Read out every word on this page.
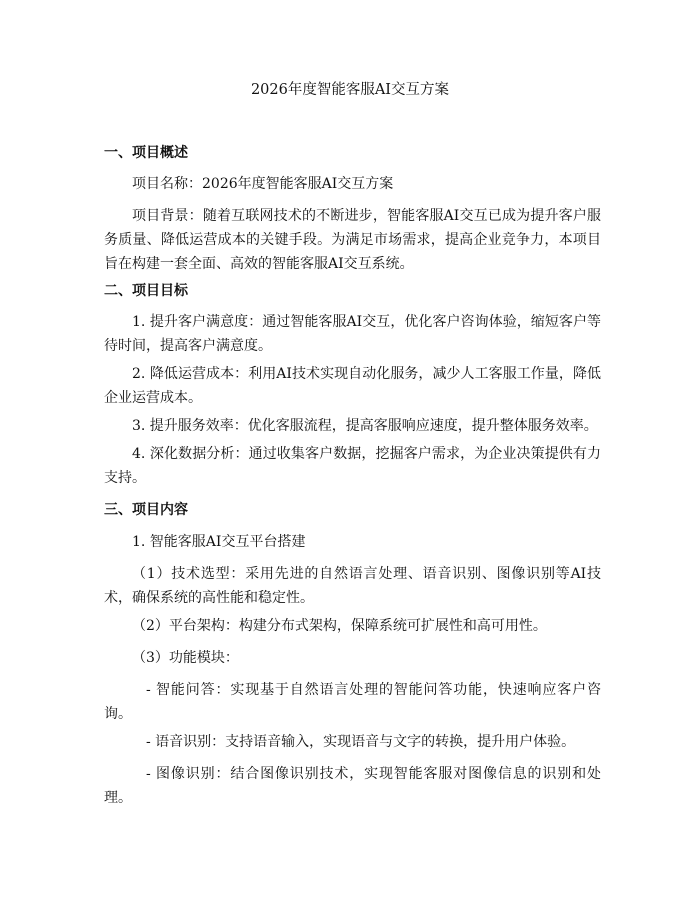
2026年度智能客服AI交互方案
一、项目概述
项目名称：2026年度智能客服AI交互方案
项目背景：随着互联网技术的不断进步，智能客服AI交互已成为提升客户服务质量、降低运营成本的关键手段。为满足市场需求，提高企业竞争力，本项目旨在构建一套全面、高效的智能客服AI交互系统。
二、项目目标
1. 提升客户满意度：通过智能客服AI交互，优化客户咨询体验，缩短客户等待时间，提高客户满意度。
2. 降低运营成本：利用AI技术实现自动化服务，减少人工客服工作量，降低企业运营成本。
3. 提升服务效率：优化客服流程，提高客服响应速度，提升整体服务效率。
4. 深化数据分析：通过收集客户数据，挖掘客户需求，为企业决策提供有力支持。
三、项目内容
1. 智能客服AI交互平台搭建
（1）技术选型：采用先进的自然语言处理、语音识别、图像识别等AI技术，确保系统的高性能和稳定性。
（2）平台架构：构建分布式架构，保障系统可扩展性和高可用性。
（3）功能模块：
- 智能问答：实现基于自然语言处理的智能问答功能，快速响应客户咨询。
- 语音识别：支持语音输入，实现语音与文字的转换，提升用户体验。
- 图像识别：结合图像识别技术，实现智能客服对图像信息的识别和处理。
